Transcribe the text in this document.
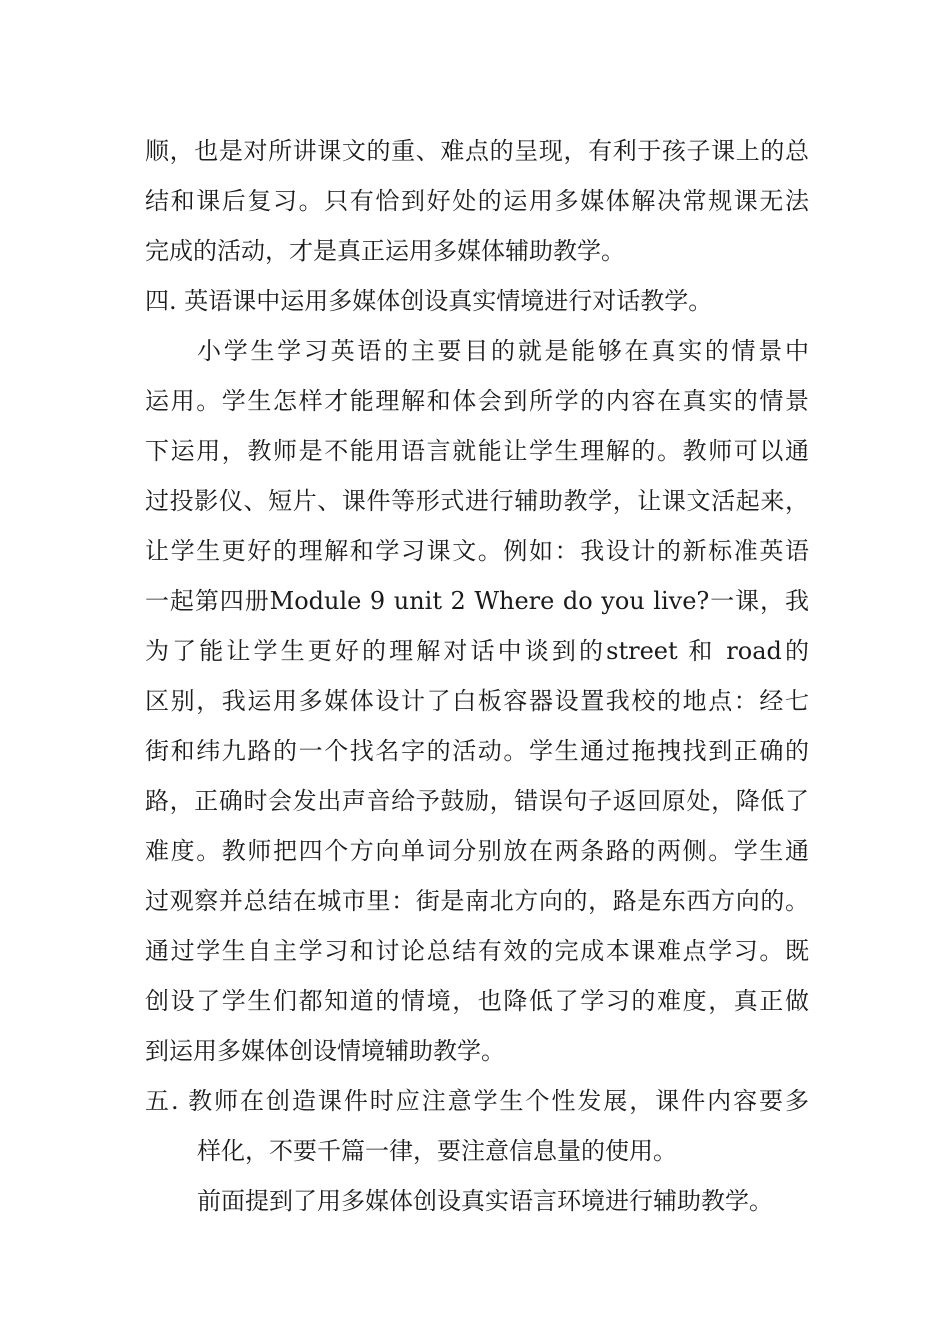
顺，也是对所讲课文的重、难点的呈现，有利于孩子课上的总
结和课后复习。只有恰到好处的运用多媒体解决常规课无法
完成的活动，才是真正运用多媒体辅助教学。
四. 英语课中运用多媒体创设真实情境进行对话教学。
小学生学习英语的主要目的就是能够在真实的情景中
运用。学生怎样才能理解和体会到所学的内容在真实的情景
下运用，教师是不能用语言就能让学生理解的。教师可以通
过投影仪、短片、课件等形式进行辅助教学，让课文活起来，
让学生更好的理解和学习课文。例如：我设计的新标准英语
一起第四册Module 9 unit 2 Where do you live?一课，我
为了能让学生更好的理解对话中谈到的street 和 road的
区别，我运用多媒体设计了白板容器设置我校的地点：经七
街和纬九路的一个找名字的活动。学生通过拖拽找到正确的
路，正确时会发出声音给予鼓励，错误句子返回原处，降低了
难度。教师把四个方向单词分别放在两条路的两侧。学生通
过观察并总结在城市里：街是南北方向的，路是东西方向的。
通过学生自主学习和讨论总结有效的完成本课难点学习。既
创设了学生们都知道的情境，也降低了学习的难度，真正做
到运用多媒体创设情境辅助教学。
五. 教师在创造课件时应注意学生个性发展，课件内容要多
样化，不要千篇一律，要注意信息量的使用。
前面提到了用多媒体创设真实语言环境进行辅助教学。
